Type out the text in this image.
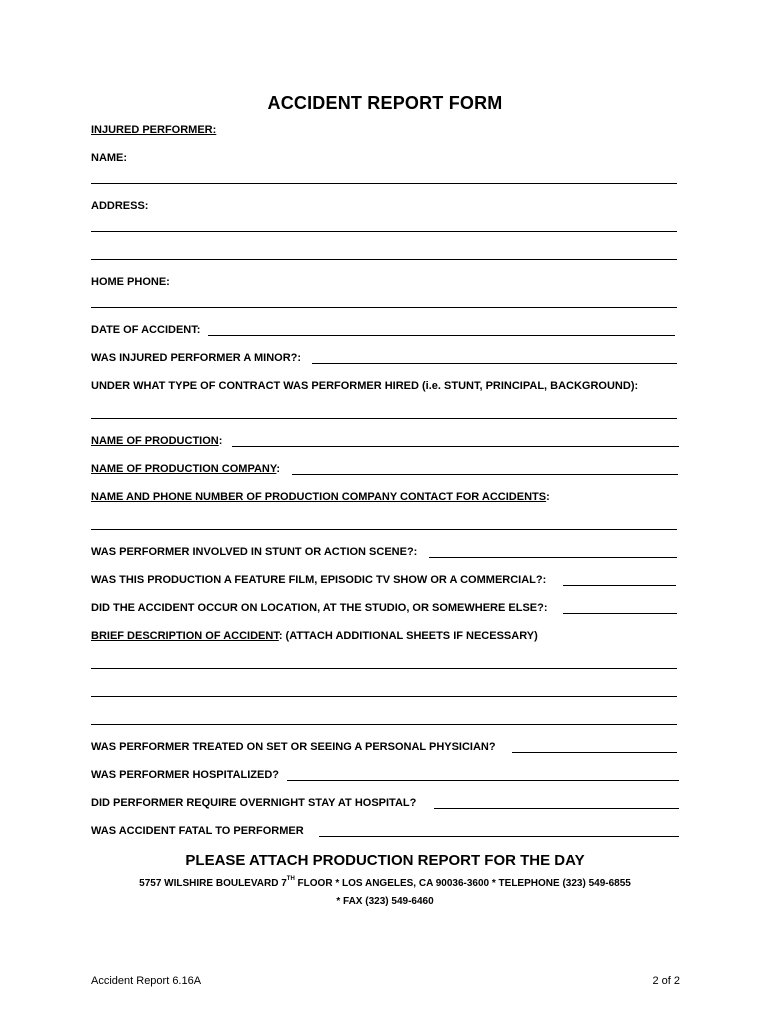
ACCIDENT REPORT FORM
INJURED PERFORMER:
NAME:
ADDRESS:
HOME PHONE:
DATE OF ACCIDENT:
WAS INJURED PERFORMER A MINOR?:
UNDER WHAT TYPE OF CONTRACT WAS PERFORMER HIRED (i.e. STUNT, PRINCIPAL, BACKGROUND):
NAME OF PRODUCTION:
NAME OF PRODUCTION COMPANY:
NAME AND PHONE NUMBER OF PRODUCTION COMPANY CONTACT FOR ACCIDENTS:
WAS PERFORMER INVOLVED IN STUNT OR ACTION SCENE?:
WAS THIS PRODUCTION A FEATURE FILM, EPISODIC TV SHOW OR A COMMERCIAL?:
DID THE ACCIDENT OCCUR ON LOCATION, AT THE STUDIO, OR SOMEWHERE ELSE?:
BRIEF DESCRIPTION OF ACCIDENT: (ATTACH ADDITIONAL SHEETS IF NECESSARY)
WAS PERFORMER TREATED ON SET OR SEEING A PERSONAL PHYSICIAN?
WAS PERFORMER HOSPITALIZED?
DID PERFORMER REQUIRE OVERNIGHT STAY AT HOSPITAL?
WAS ACCIDENT FATAL TO PERFORMER
PLEASE ATTACH PRODUCTION REPORT FOR THE DAY
5757 WILSHIRE BOULEVARD 7TH FLOOR * LOS ANGELES, CA 90036-3600 * TELEPHONE (323) 549-6855
* FAX (323) 549-6460
Accident Report 6.16A	2 of 2
